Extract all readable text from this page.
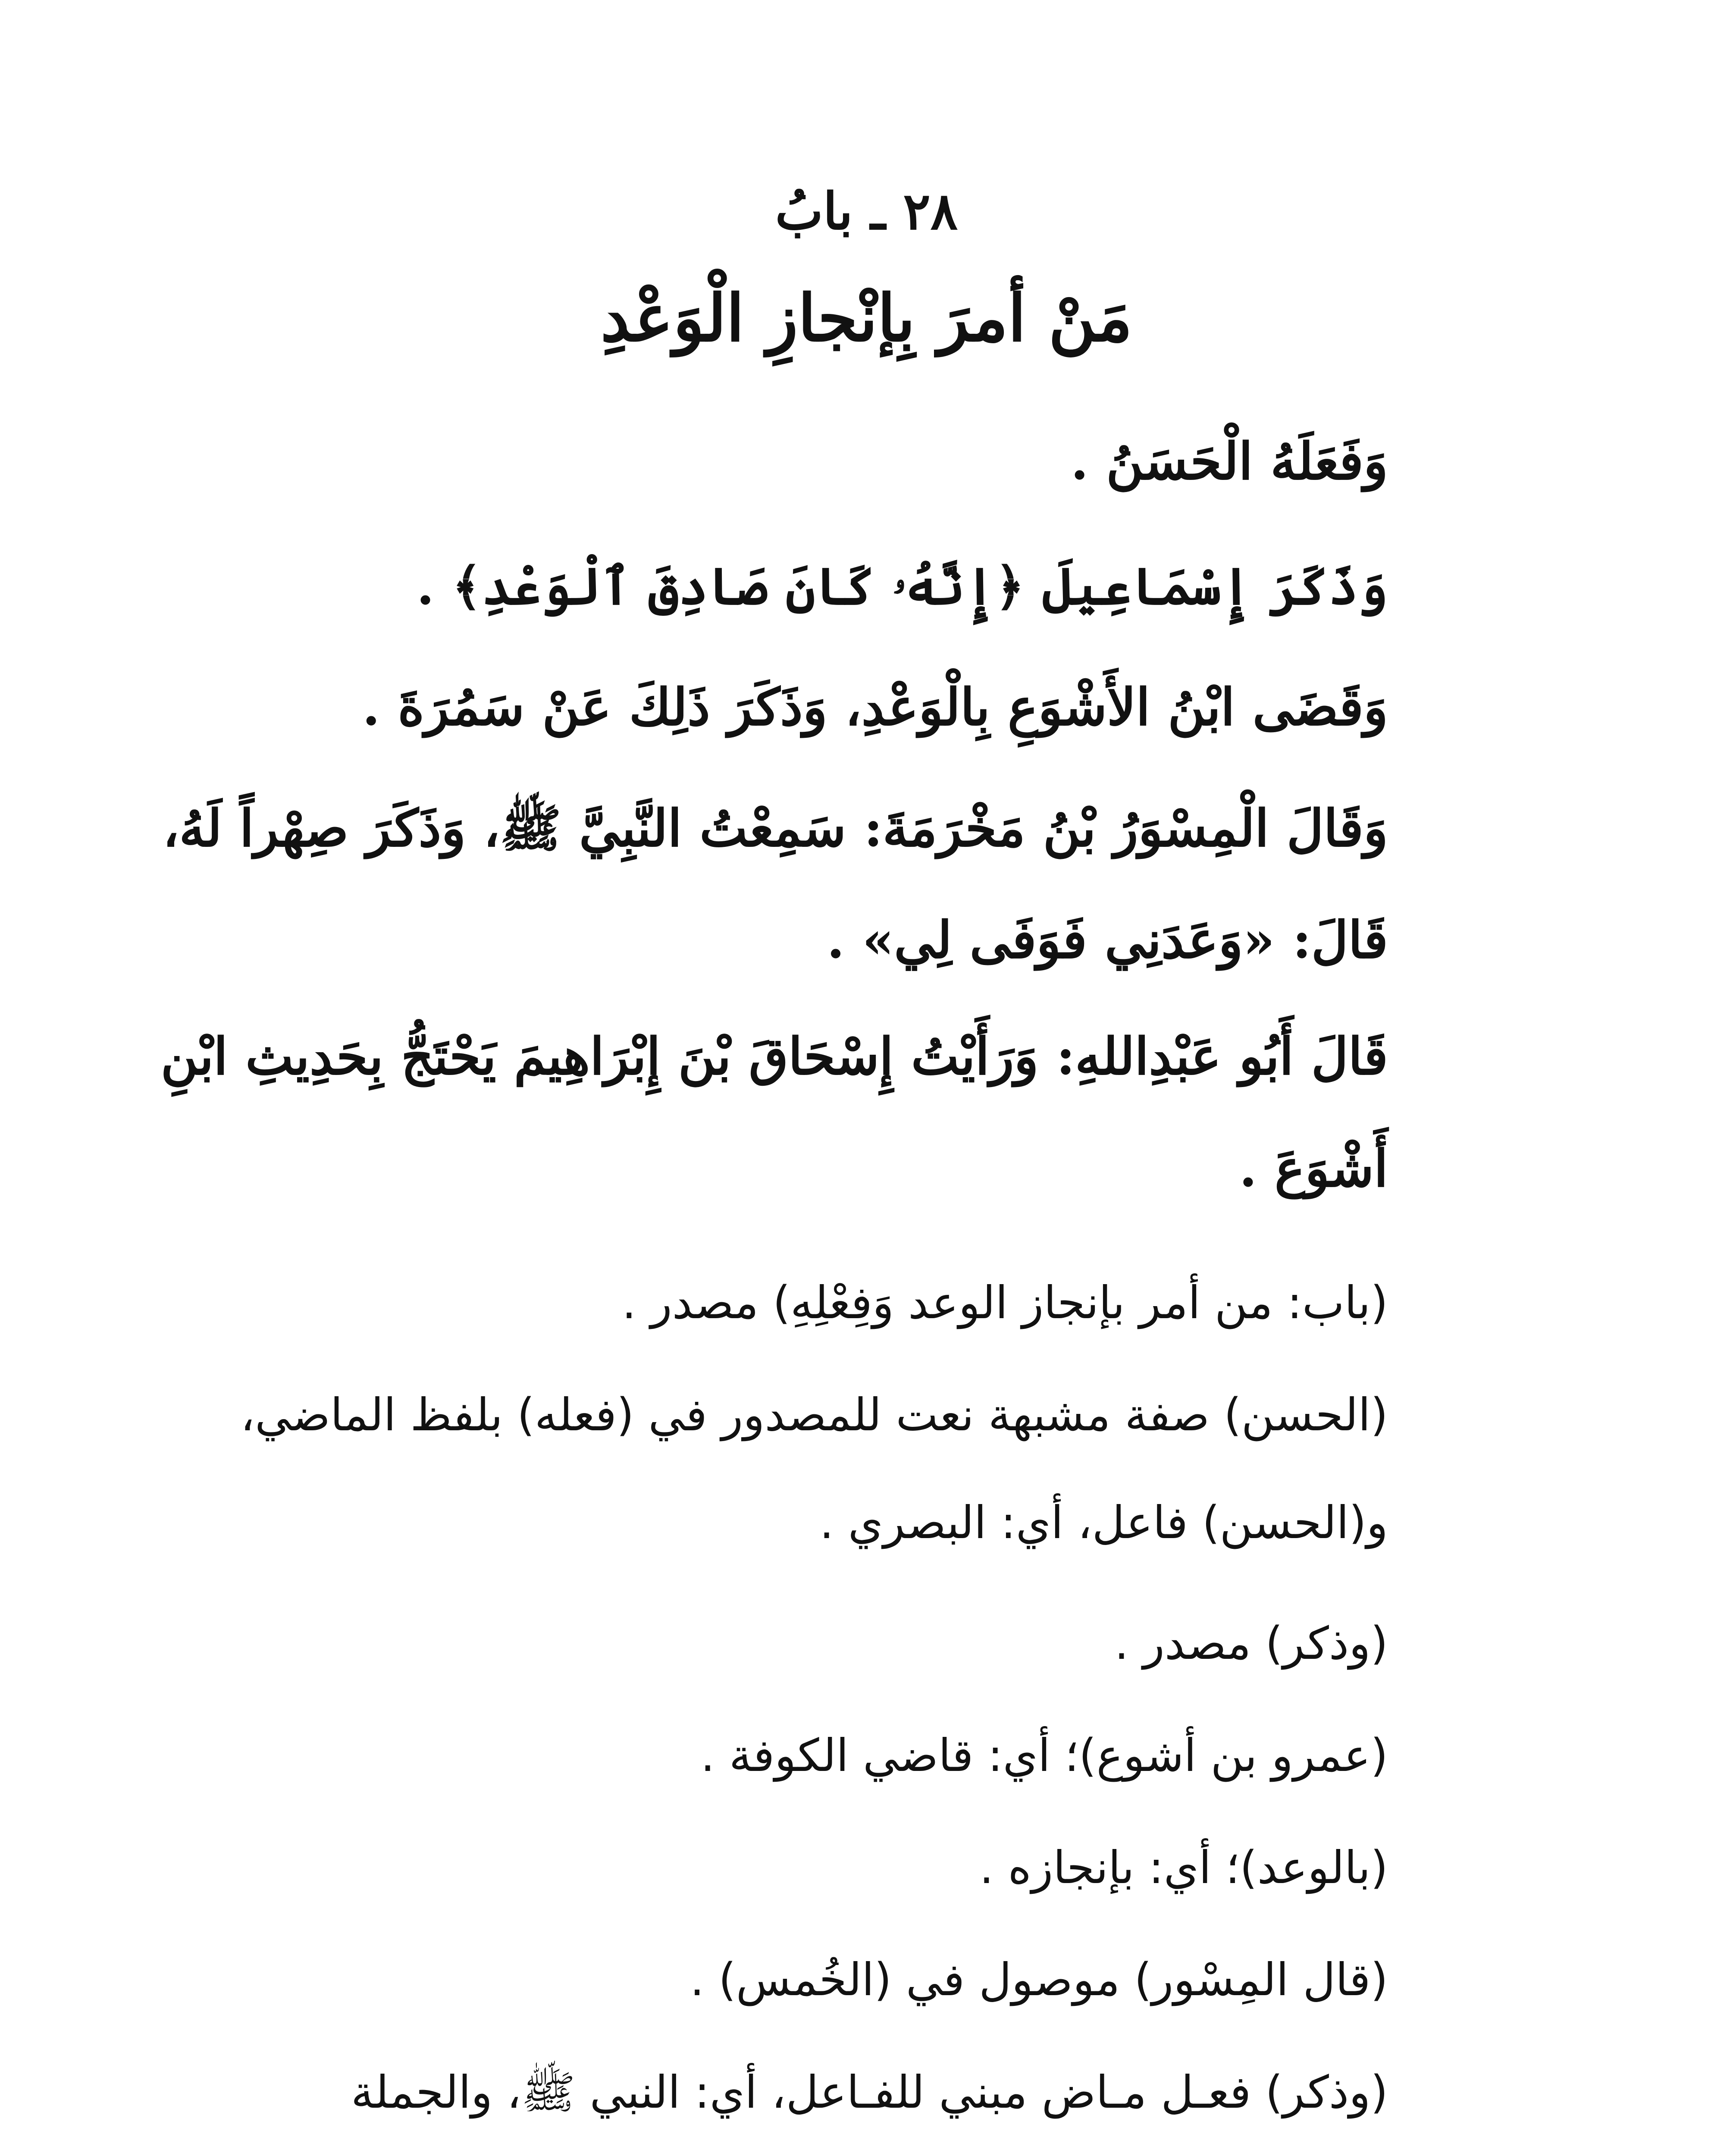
٢٨ ـ بابُ
مَنْ أمرَ بِإنْجازِ الْوَعْدِ
وَفَعَلَهُ الْحَسَنُ .
وَذَكَرَ إِسْمَاعِيلَ ﴿إِنَّهُۥ كَانَ صَادِقَ ٱلْوَعْدِ﴾ .
وَقَضَى ابْنُ الأَشْوَعِ بِالْوَعْدِ، وَذَكَرَ ذَلِكَ عَنْ سَمُرَةَ .
وَقَالَ الْمِسْوَرُ بْنُ مَخْرَمَةَ: سَمِعْتُ النَّبِيَّ ﷺ، وَذَكَرَ صِهْراً لَهُ،
قَالَ: «وَعَدَنِي فَوَفَى لِي» .
قَالَ أَبُو عَبْدِاللهِ: وَرَأَيْتُ إِسْحَاقَ بْنَ إِبْرَاهِيمَ يَحْتَجُّ بِحَدِيثِ ابْنِ
أَشْوَعَ .
(باب: من أمر بإنجاز الوعد وَفِعْلِهِ) مصدر .
(الحسن) صفة مشبهة نعت للمصدور في (فعله) بلفظ الماضي،
و(الحسن) فاعل، أي: البصري .
(وذكر) مصدر .
(عمرو بن أشوع)؛ أي: قاضي الكوفة .
(بالوعد)؛ أي: بإنجازه .
(قال المِسْور) موصول في (الخُمس) .
(وذكر) فعـل مـاض مبني للفـاعل، أي: النبي ﷺ، والجملة
